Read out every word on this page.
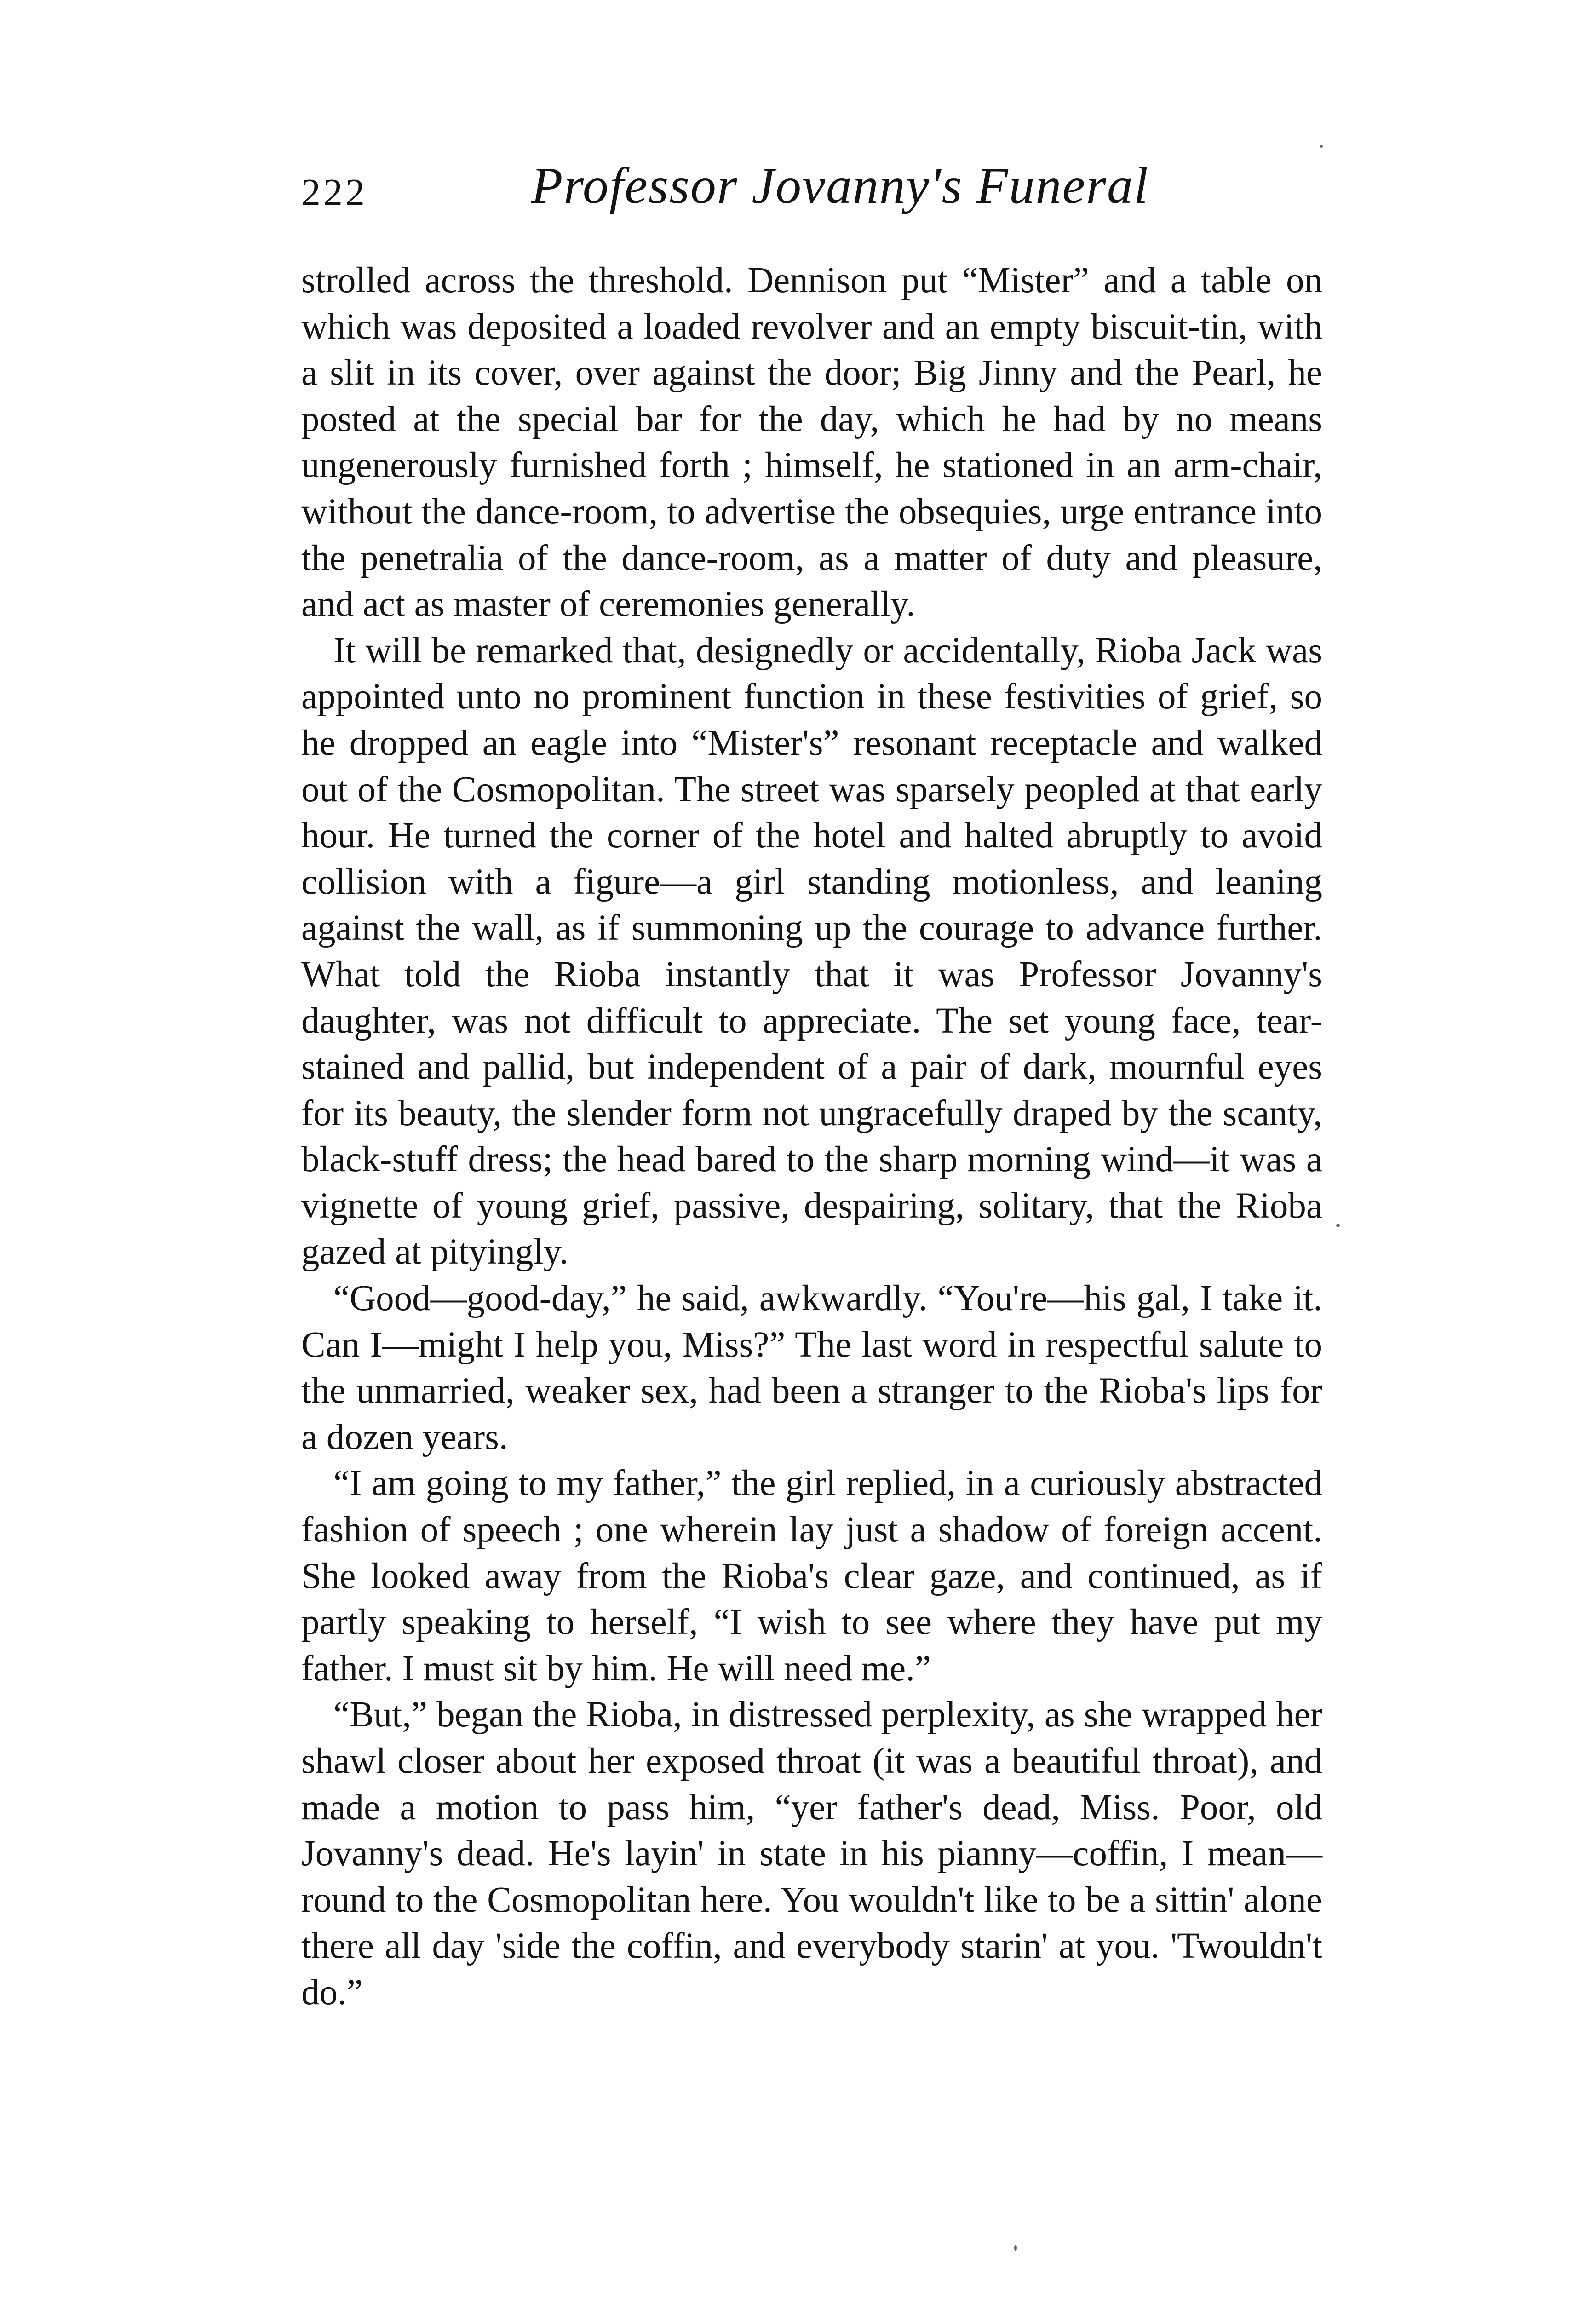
222	Professor Jovanny's Funeral

strolled across the threshold. Dennison put “Mister” and a table on which was deposited a loaded revolver and an empty biscuit-tin, with a slit in its cover, over against the door; Big Jinny and the Pearl, he posted at the special bar for the day, which he had by no means ungenerously furnished forth ; himself, he stationed in an arm-chair, without the dance-room, to advertise the obsequies, urge entrance into the penetralia of the dance-room, as a matter of duty and pleasure, and act as master of ceremonies generally.

It will be remarked that, designedly or accidentally, Rioba Jack was appointed unto no prominent function in these festivities of grief, so he dropped an eagle into “Mister's” resonant receptacle and walked out of the Cosmopolitan. The street was sparsely peopled at that early hour. He turned the corner of the hotel and halted abruptly to avoid collision with a figure—a girl standing motionless, and leaning against the wall, as if summoning up the courage to advance further. What told the Rioba instantly that it was Professor Jovanny's daughter, was not difficult to appreciate. The set young face, tear-stained and pallid, but independent of a pair of dark, mournful eyes for its beauty, the slender form not ungracefully draped by the scanty, black-stuff dress; the head bared to the sharp morning wind—it was a vignette of young grief, passive, despairing, solitary, that the Rioba gazed at pityingly.

“Good—good-day,” he said, awkwardly. “You're—his gal, I take it. Can I—might I help you, Miss?” The last word in respectful salute to the unmarried, weaker sex, had been a stranger to the Rioba's lips for a dozen years.

“I am going to my father,” the girl replied, in a curiously abstracted fashion of speech ; one wherein lay just a shadow of foreign accent. She looked away from the Rioba's clear gaze, and continued, as if partly speaking to herself, “I wish to see where they have put my father. I must sit by him. He will need me.”

“But,” began the Rioba, in distressed perplexity, as she wrapped her shawl closer about her exposed throat (it was a beautiful throat), and made a motion to pass him, “yer father's dead, Miss. Poor, old Jovanny's dead. He's layin' in state in his pianny—coffin, I mean—round to the Cosmopolitan here. You wouldn't like to be a sittin' alone there all day 'side the coffin, and everybody starin' at you. 'Twouldn't do.”
